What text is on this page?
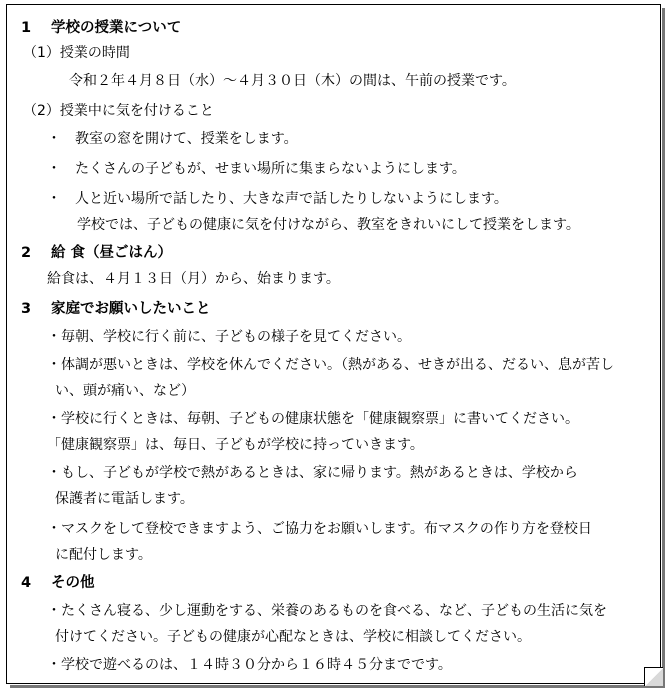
1 学校の授業について
（1）授業の時間
令和２年４月８日（水）～４月３０日（木）の間は、午前の授業です。
（2）授業中に気を付けること
・　教室の窓を開けて、授業をします。
・　たくさんの子どもが、せまい場所に集まらないようにします。
・　人と近い場所で話したり、大きな声で話したりしないようにします。
学校では、子どもの健康に気を付けながら、教室をきれいにして授業をします。
2 給 食（昼ごはん）
給食は、４月１３日（月）から、始まります。
3 家庭でお願いしたいこと
・毎朝、学校に行く前に、子どもの様子を見てください。
・体調が悪いときは、学校を休んでください。（熱がある、せきが出る、だるい、息が苦し
い、頭が痛い、など）
・学校に行くときは、毎朝、子どもの健康状態を「健康観察票」に書いてください。
「健康観察票」は、毎日、子どもが学校に持っていきます。
・もし、子どもが学校で熱があるときは、家に帰ります。熱があるときは、学校から
保護者に電話します。
・マスクをして登校できますよう、ご協力をお願いします。布マスクの作り方を登校日
に配付します。
4 その他
・たくさん寝る、少し運動をする、栄養のあるものを食べる、など、子どもの生活に気を
付けてください。子どもの健康が心配なときは、学校に相談してください。
・学校で遊べるのは、１４時３０分から１６時４５分までです。
